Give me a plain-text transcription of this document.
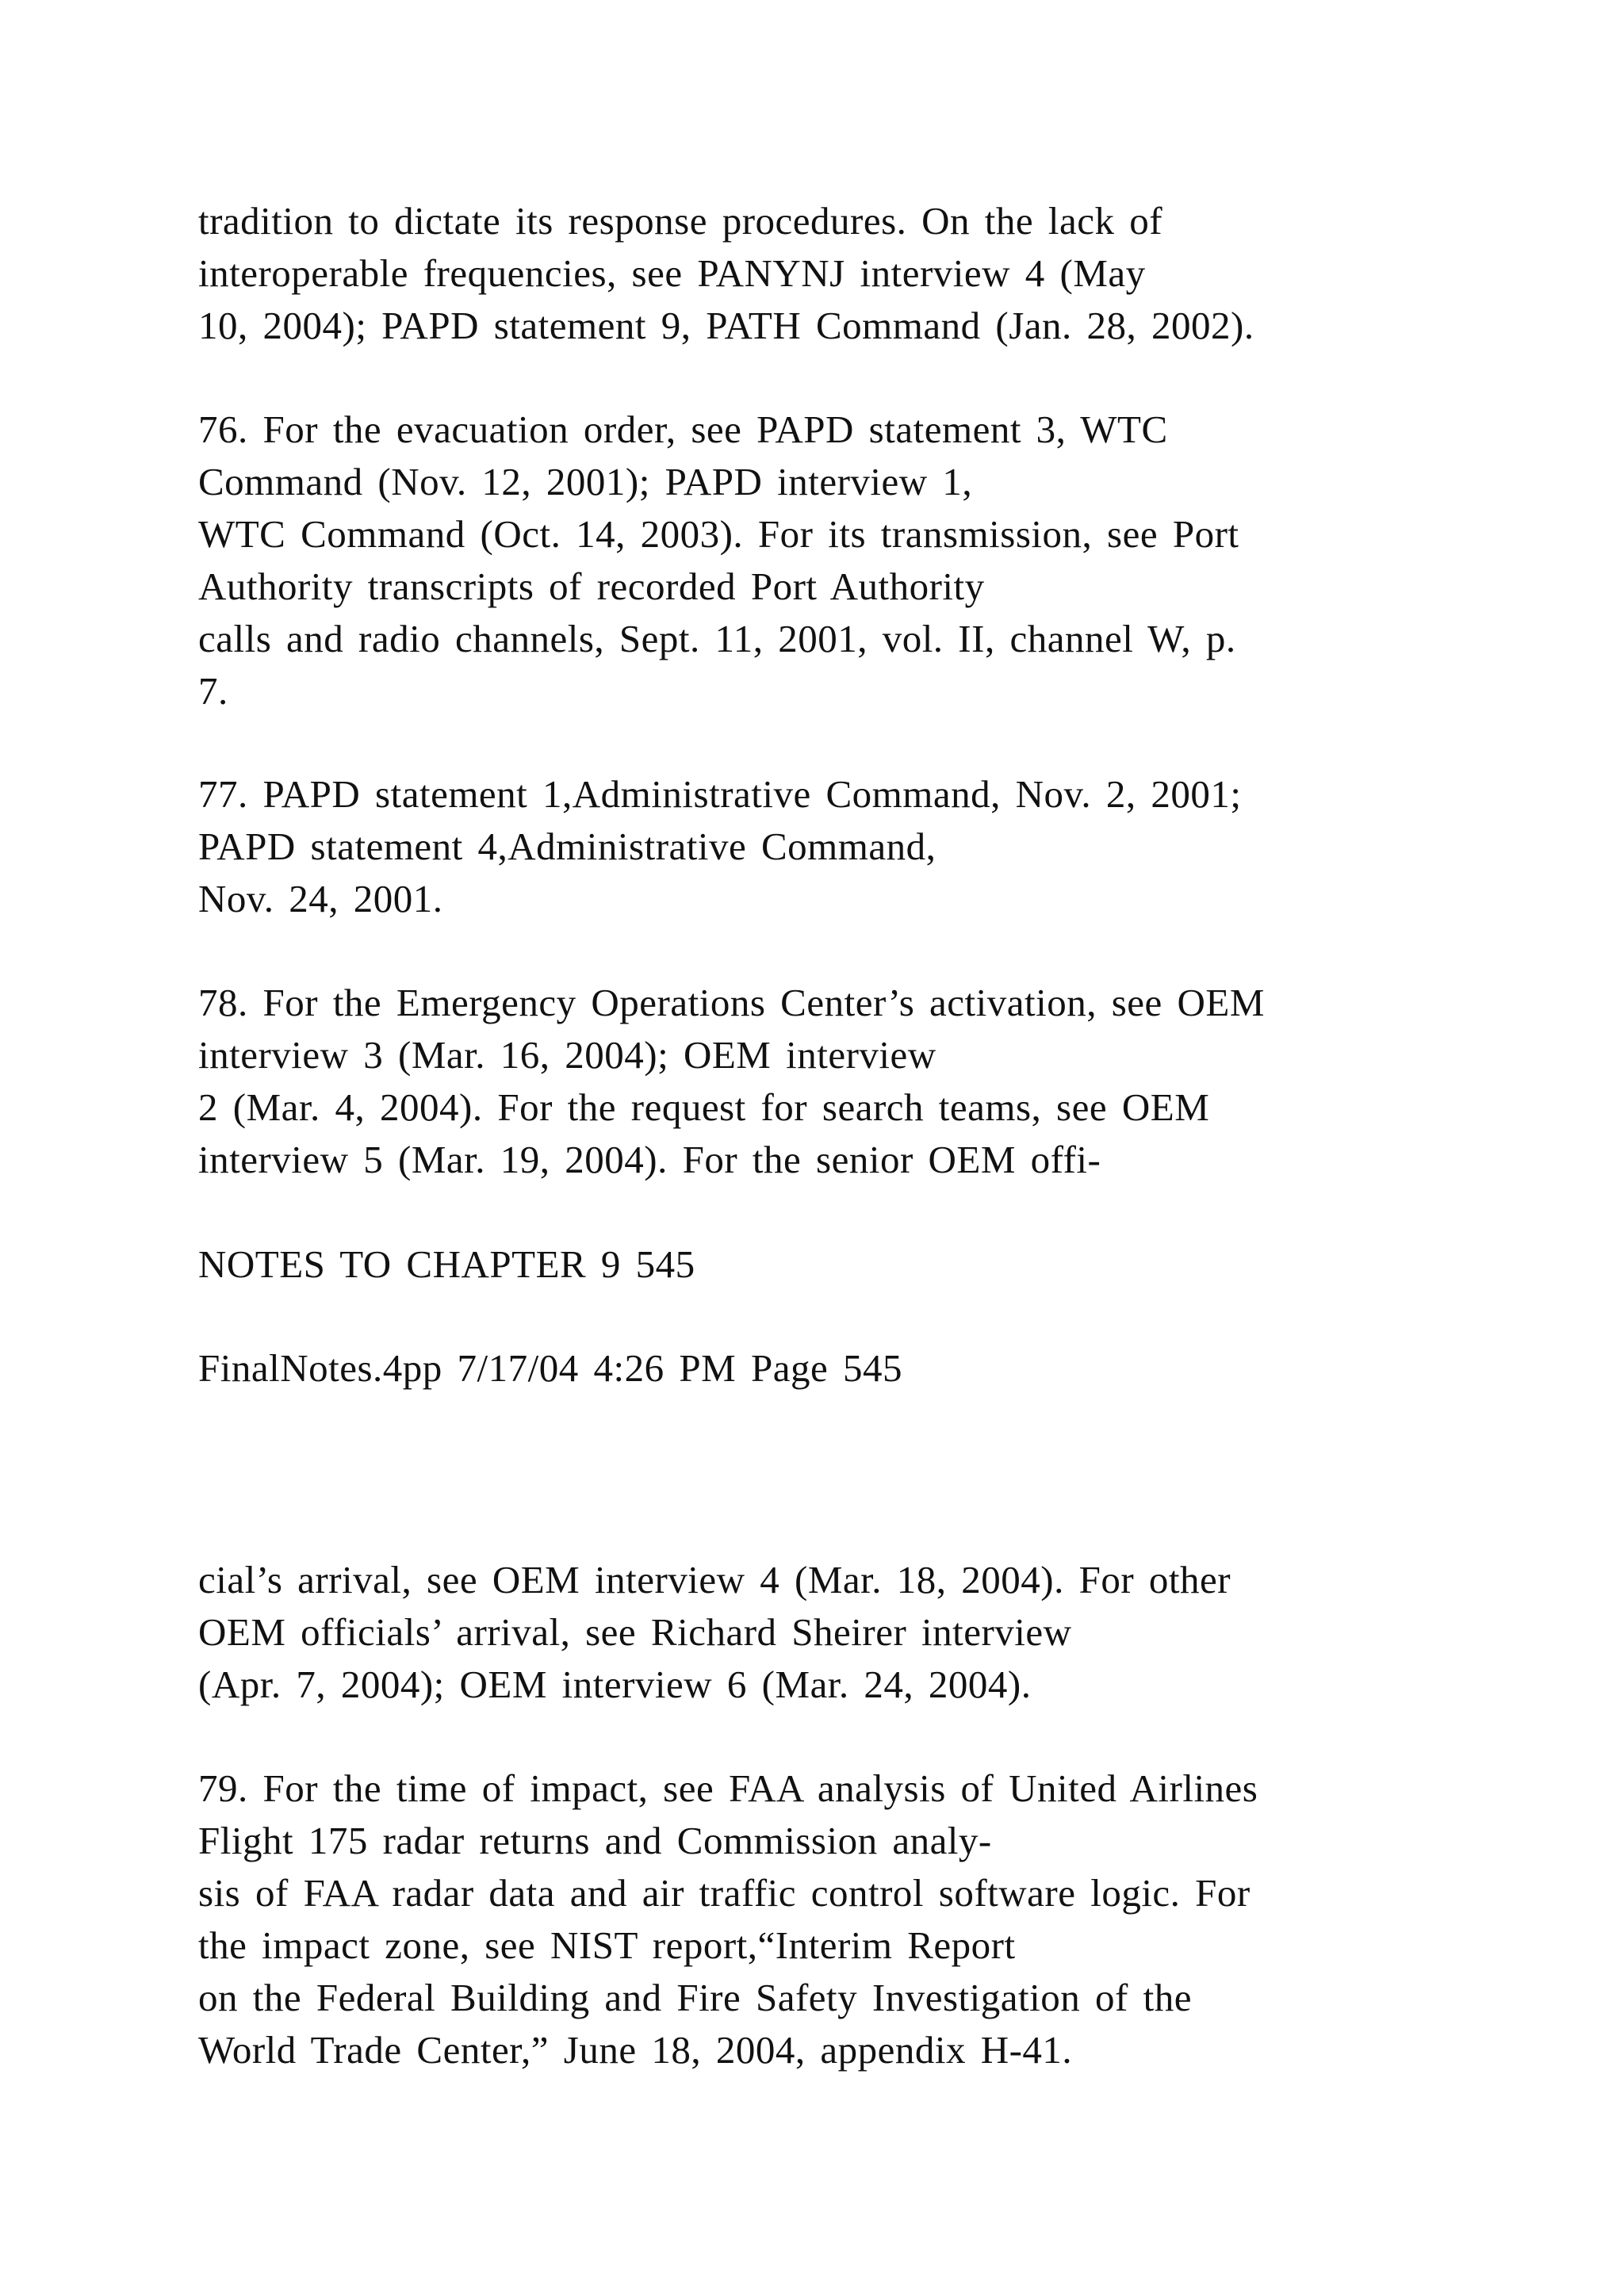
tradition to dictate its response procedures. On the lack of
interoperable frequencies, see PANYNJ interview 4 (May
10, 2004); PAPD statement 9, PATH Command (Jan. 28, 2002).
76. For the evacuation order, see PAPD statement 3, WTC
Command (Nov. 12, 2001); PAPD interview 1,
WTC Command (Oct. 14, 2003). For its transmission, see Port
Authority transcripts of recorded Port Authority
calls and radio channels, Sept. 11, 2001, vol. II, channel W, p.
7.
77. PAPD statement 1,Administrative Command, Nov. 2, 2001;
PAPD statement 4,Administrative Command,
Nov. 24, 2001.
78. For the Emergency Operations Center’s activation, see OEM
interview 3 (Mar. 16, 2004); OEM interview
2 (Mar. 4, 2004). For the request for search teams, see OEM
interview 5 (Mar. 19, 2004). For the senior OEM offi-
NOTES TO CHAPTER 9 545
FinalNotes.4pp 7/17/04 4:26 PM Page 545
cial’s arrival, see OEM interview 4 (Mar. 18, 2004). For other
OEM officials’ arrival, see Richard Sheirer interview
(Apr. 7, 2004); OEM interview 6 (Mar. 24, 2004).
79. For the time of impact, see FAA analysis of United Airlines
Flight 175 radar returns and Commission analy-
sis of FAA radar data and air traffic control software logic. For
the impact zone, see NIST report,“Interim Report
on the Federal Building and Fire Safety Investigation of the
World Trade Center,” June 18, 2004, appendix H-41.
